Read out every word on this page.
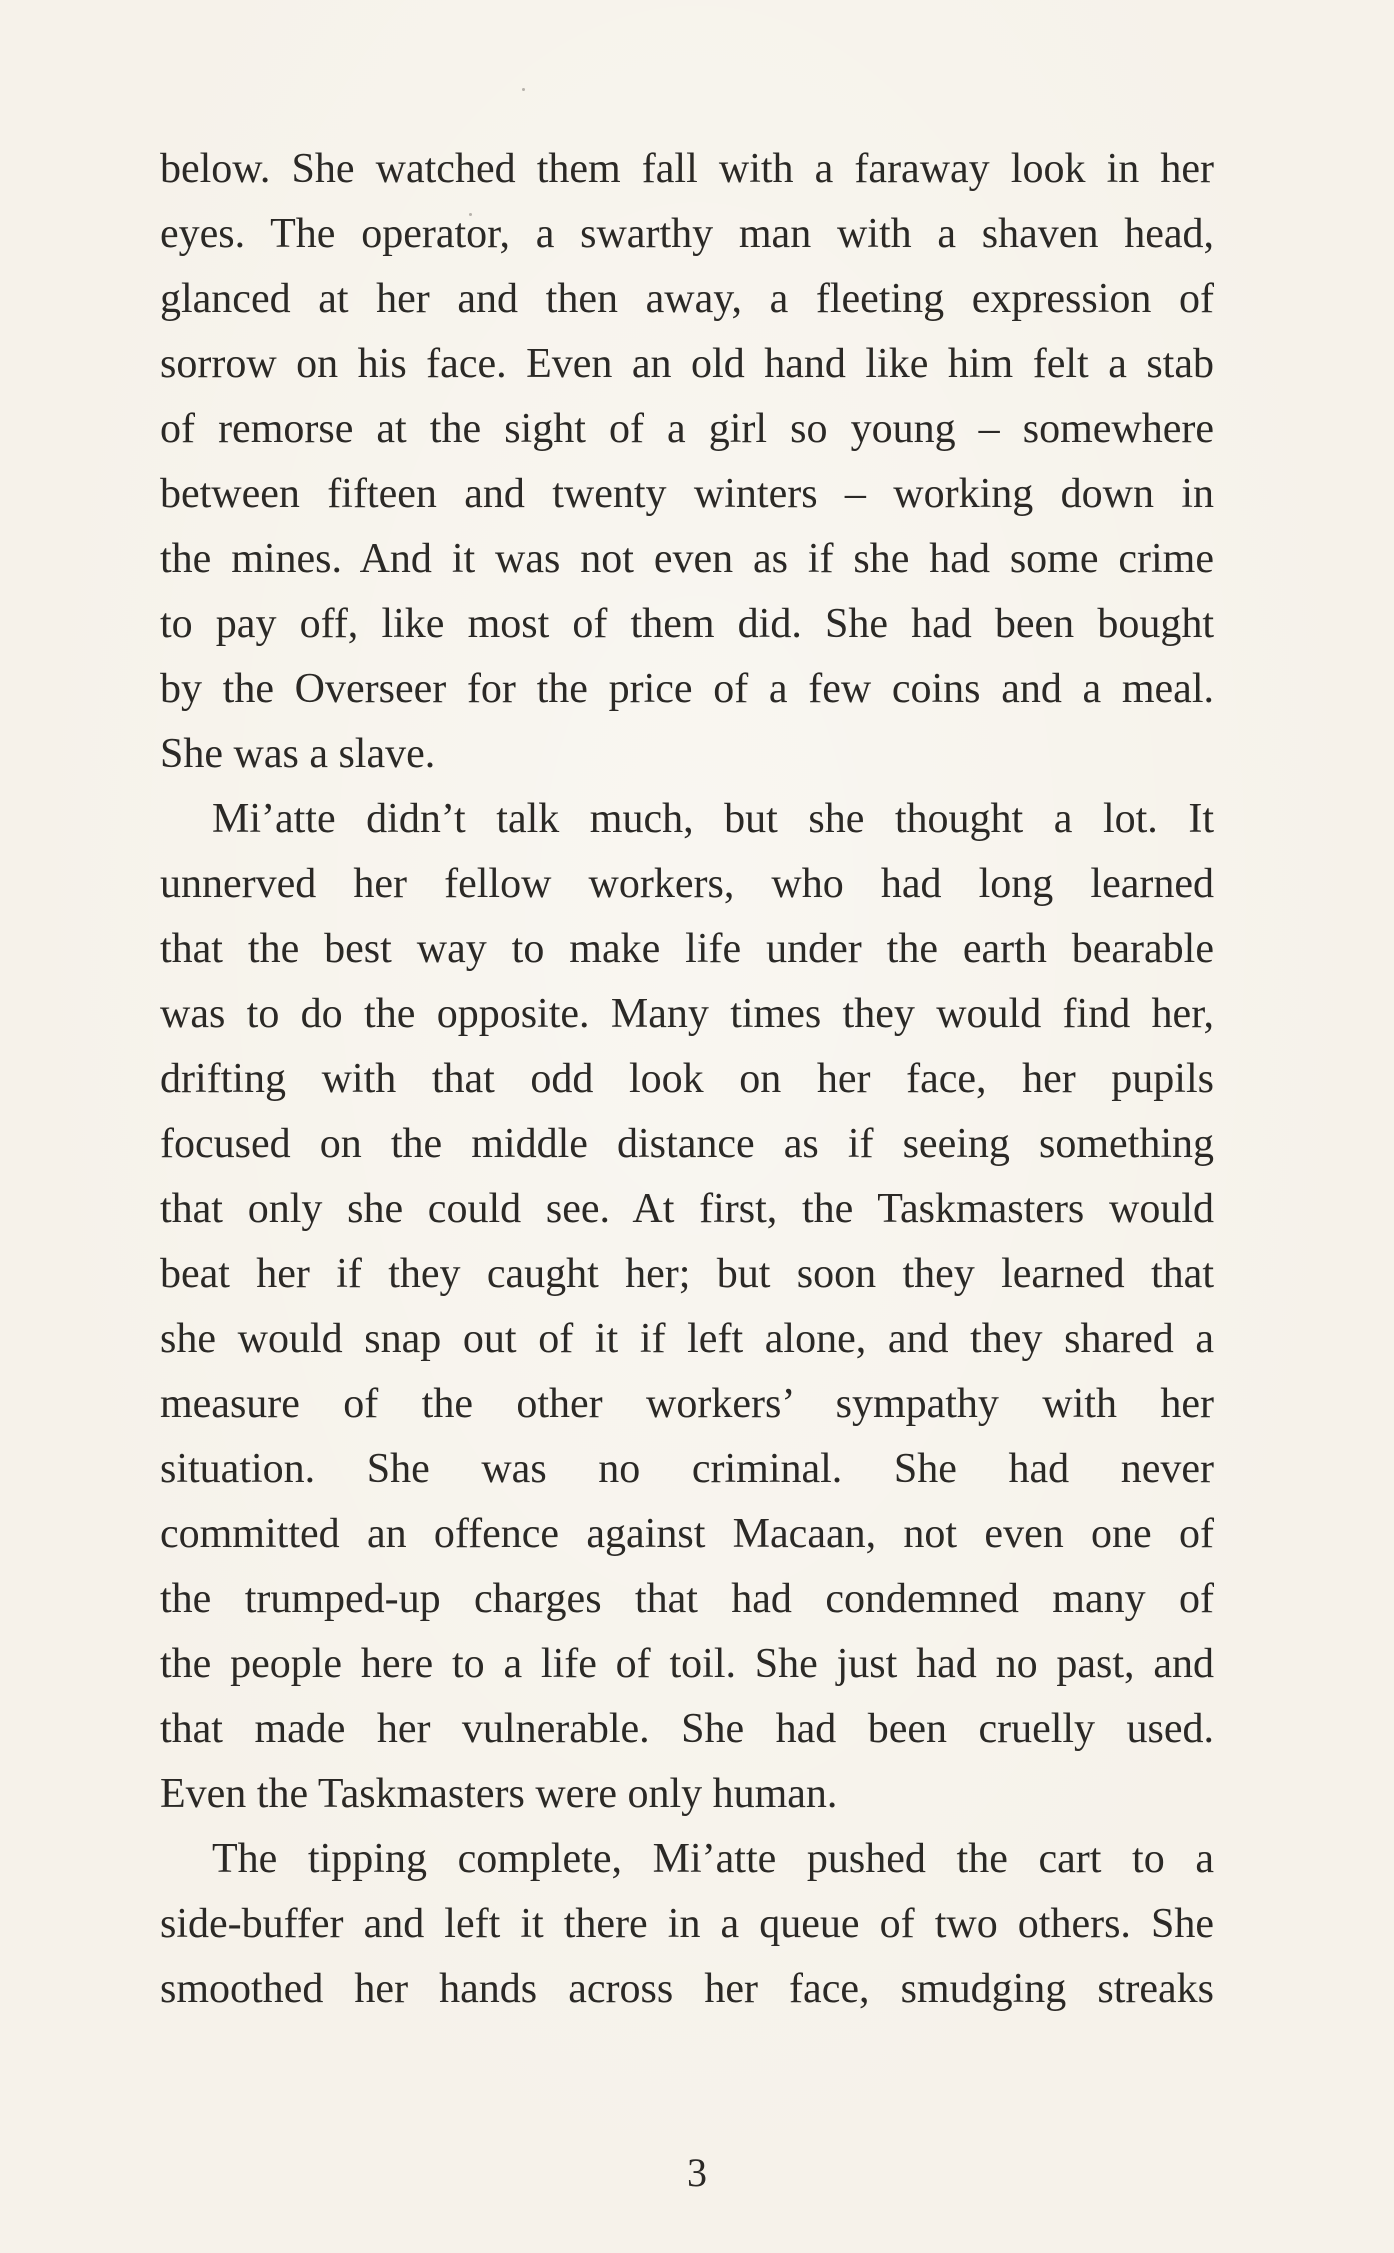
below. She watched them fall with a faraway look in her
eyes. The operator, a swarthy man with a shaven head,
glanced at her and then away, a fleeting expression of
sorrow on his face. Even an old hand like him felt a stab
of remorse at the sight of a girl so young – somewhere
between fifteen and twenty winters – working down in
the mines. And it was not even as if she had some crime
to pay off, like most of them did. She had been bought
by the Overseer for the price of a few coins and a meal.
She was a slave.

Mi’atte didn’t talk much, but she thought a lot. It
unnerved her fellow workers, who had long learned
that the best way to make life under the earth bearable
was to do the opposite. Many times they would find her,
drifting with that odd look on her face, her pupils
focused on the middle distance as if seeing something
that only she could see. At first, the Taskmasters would
beat her if they caught her; but soon they learned that
she would snap out of it if left alone, and they shared a
measure of the other workers’ sympathy with her
situation. She was no criminal. She had never
committed an offence against Macaan, not even one of
the trumped-up charges that had condemned many of
the people here to a life of toil. She just had no past, and
that made her vulnerable. She had been cruelly used.
Even the Taskmasters were only human.

The tipping complete, Mi’atte pushed the cart to a
side-buffer and left it there in a queue of two others. She
smoothed her hands across her face, smudging streaks

3
